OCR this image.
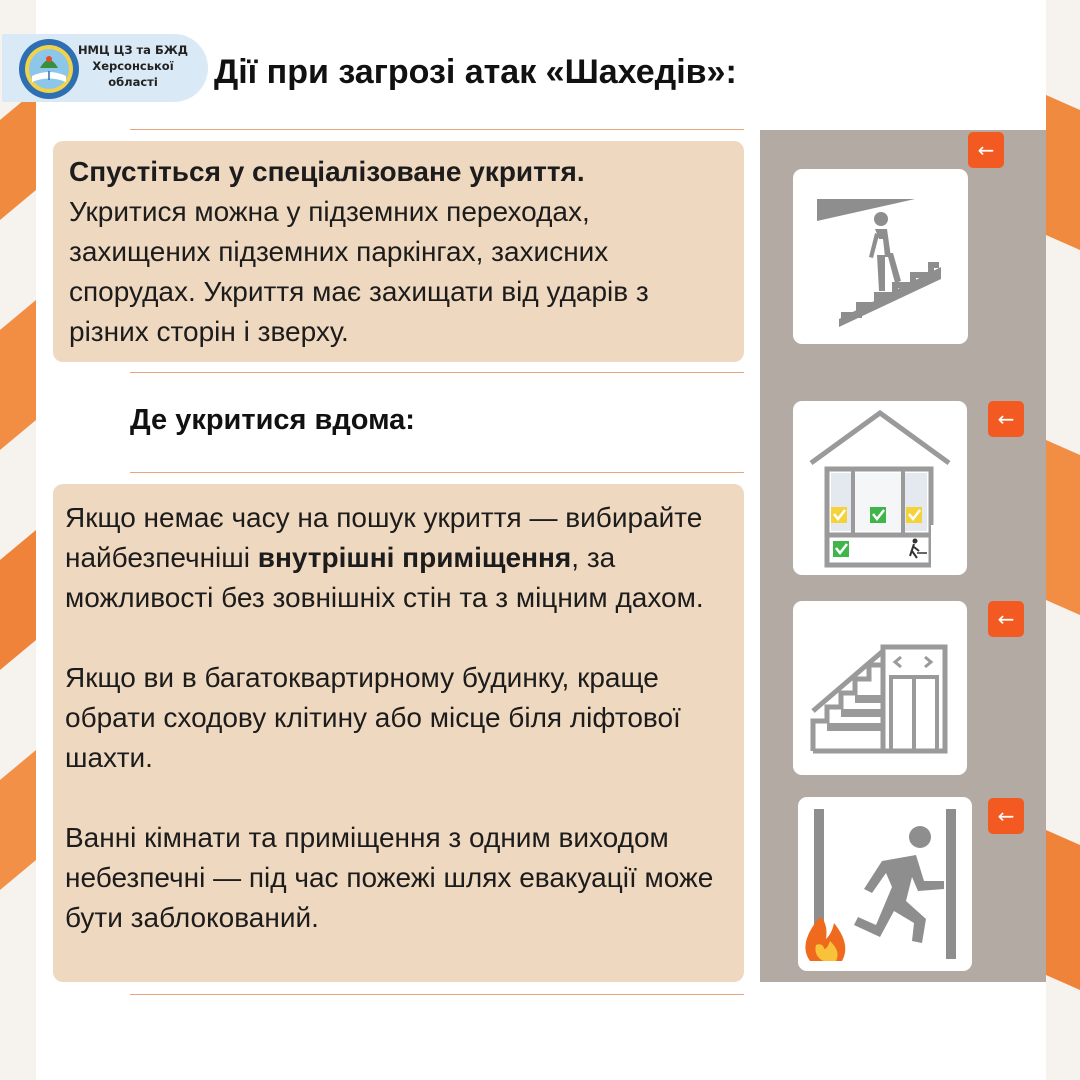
НМЦ ЦЗ та БЖД
Херсонської
області	Дії при загрозі атак «Шахедів»:
Спустіться у спеціалізоване укриття.
Укритися можна у підземних переходах, захищених підземних паркінгах, захисних спорудах. Укриття має захищати від ударів з різних сторін і зверху.
Де укритися вдома:
Якщо немає часу на пошук укриття — вибирайте найбезпечніші внутрішні приміщення, за можливості без зовнішніх стін та з міцним дахом.
Якщо ви в багатоквартирному будинку, краще обрати сходову клітину або місце біля ліфтової шахти.
Ванні кімнати та приміщення з одним виходом небезпечні — під час пожежі шлях евакуації може бути заблокований.
←
←
←
←
